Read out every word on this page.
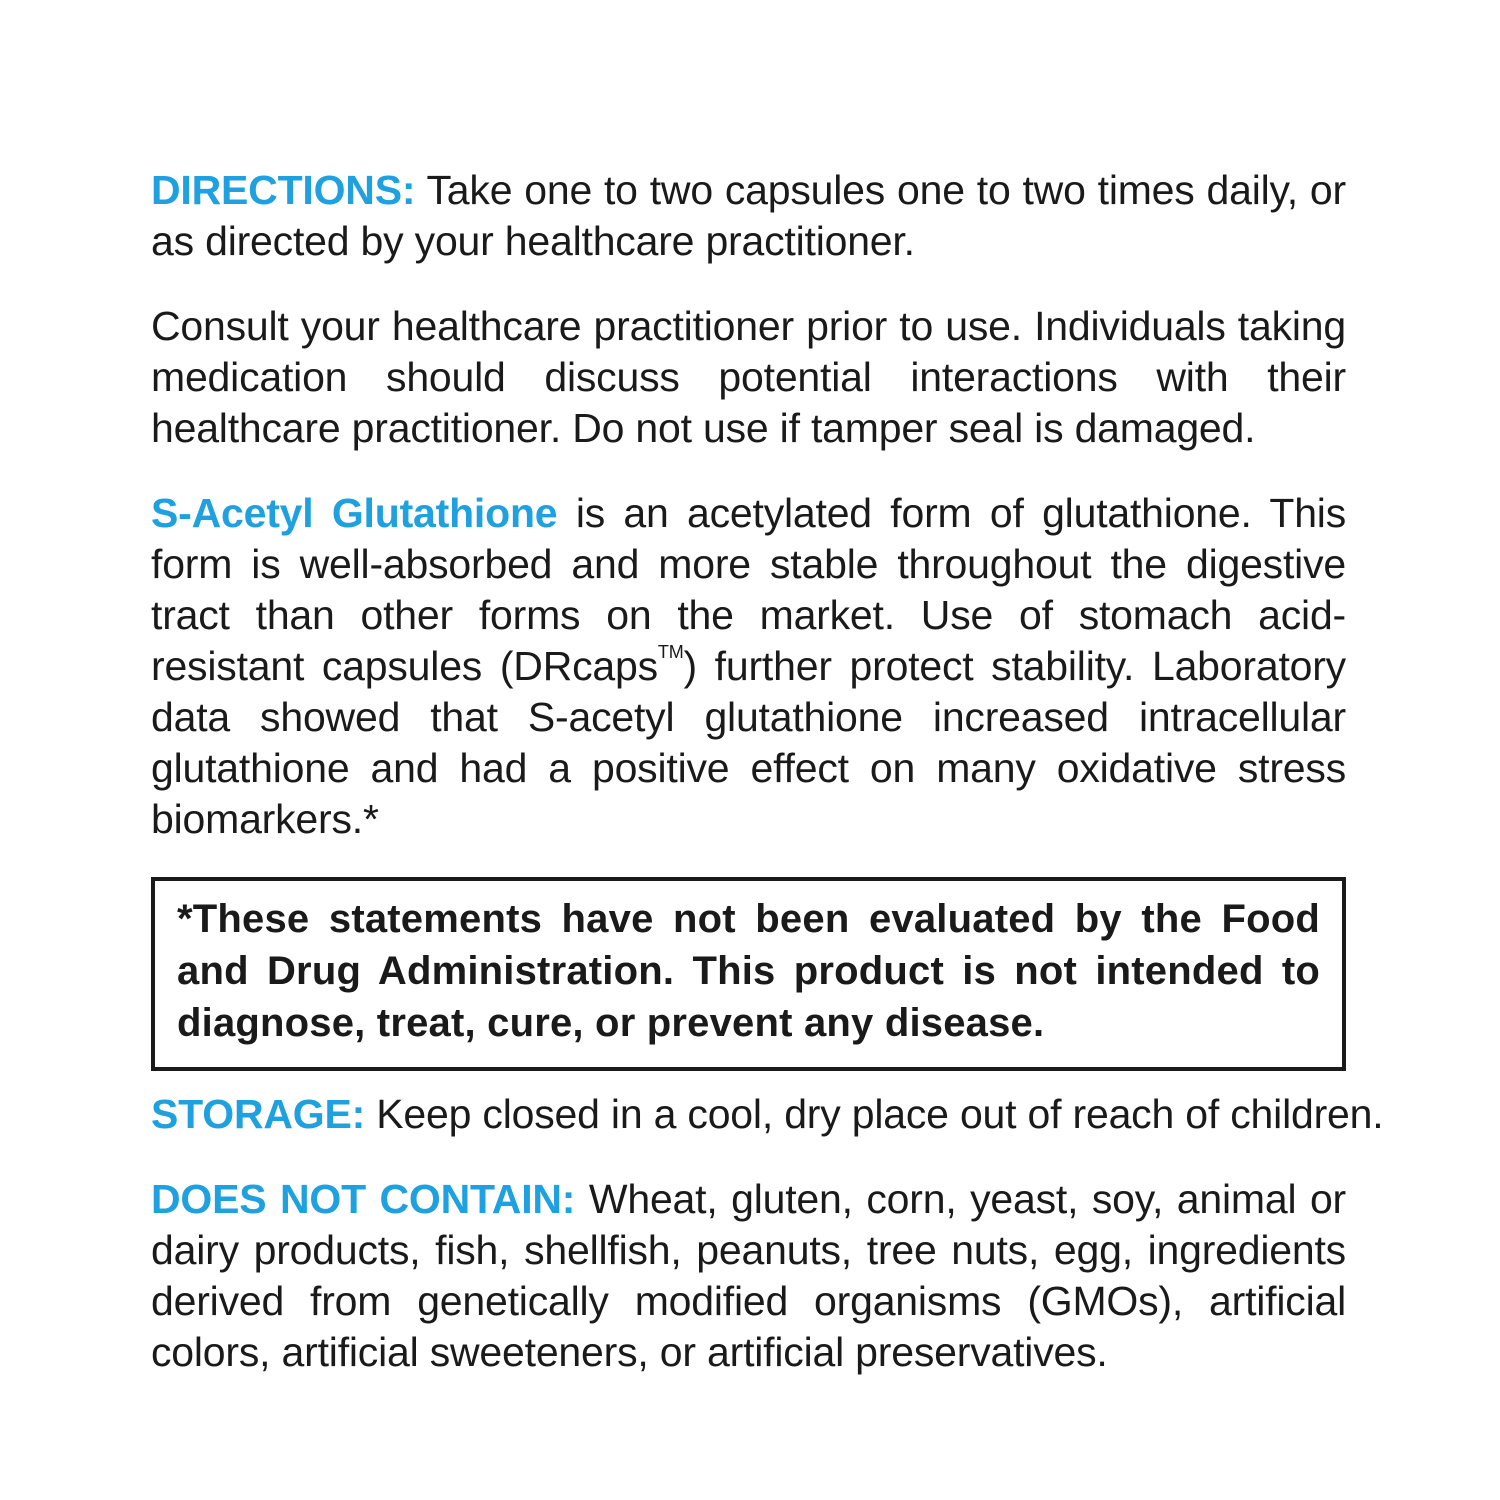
DIRECTIONS: Take one to two capsules one to two times daily, or as directed by your healthcare practitioner.

Consult your healthcare practitioner prior to use. Individuals taking medication should discuss potential interactions with their healthcare practitioner. Do not use if tamper seal is damaged.

S-Acetyl Glutathione is an acetylated form of glutathione. This form is well-absorbed and more stable throughout the digestive tract than other forms on the market. Use of stomach acid-resistant capsules (DRcaps™) further protect stability. Laboratory data showed that S-acetyl glutathione increased intracellular glutathione and had a positive effect on many oxidative stress biomarkers.*

*These statements have not been evaluated by the Food and Drug Administration. This product is not intended to diagnose, treat, cure, or prevent any disease.

STORAGE: Keep closed in a cool, dry place out of reach of children.

DOES NOT CONTAIN: Wheat, gluten, corn, yeast, soy, animal or dairy products, fish, shellfish, peanuts, tree nuts, egg, ingredients derived from genetically modified organisms (GMOs), artificial colors, artificial sweeteners, or artificial preservatives.
